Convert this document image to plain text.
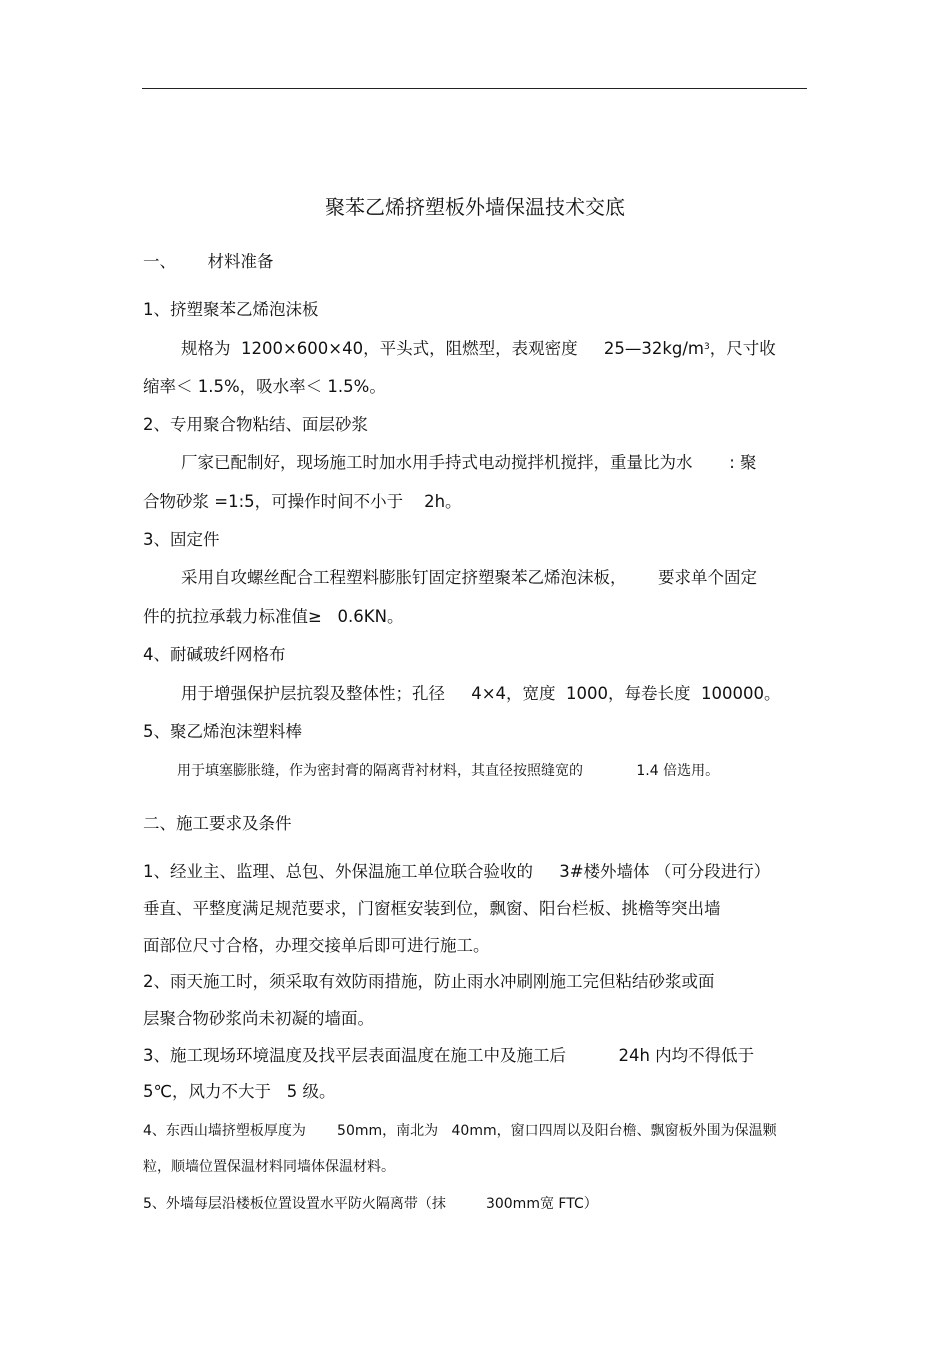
聚苯乙烯挤塑板外墙保温技术交底
一、      材料准备
1、挤塑聚苯乙烯泡沫板
规格为  1200×600×40，平头式，阻燃型，表观密度     $25—32kg/m^3$，尺寸收
缩率＜ 1.5%，吸水率＜ 1.5%。
2、专用聚合物粘结、面层砂浆
厂家已配制好，现场施工时加水用手持式电动搅拌机搅拌，重量比为水       : 聚
合物砂浆 =1:5，可操作时间不小于    2h。
3、固定件
采用自攻螺丝配合工程塑料膨胀钉固定挤塑聚苯乙烯泡沫板，      要求单个固定
件的抗拉承载力标准值≥   0.6KN。
4、耐碱玻纤网格布
用于增强保护层抗裂及整体性；孔径     4×4，宽度  1000，每卷长度  100000。
5、聚乙烯泡沫塑料棒
用于填塞膨胀缝，作为密封膏的隔离背衬材料，其直径按照缝宽的            1.4 倍选用。
二、施工要求及条件
1、经业主、监理、总包、外保温施工单位联合验收的     3#楼外墙体 （可分段进行）
垂直、平整度满足规范要求，门窗框安装到位，飘窗、阳台栏板、挑檐等突出墙
面部位尺寸合格，办理交接单后即可进行施工。
2、雨天施工时，须采取有效防雨措施，防止雨水冲刷刚施工完但粘结砂浆或面
层聚合物砂浆尚未初凝的墙面。
3、施工现场环境温度及找平层表面温度在施工中及施工后          24h 内均不得低于
5℃，风力不大于   5 级。
4、东西山墙挤塑板厚度为       50mm，南北为   40mm，窗口四周以及阳台檐、飘窗板外围为保温颗
粒，顺墙位置保温材料同墙体保温材料。
5、外墙每层沿楼板位置设置水平防火隔离带（抹         300mm宽 FTC）
